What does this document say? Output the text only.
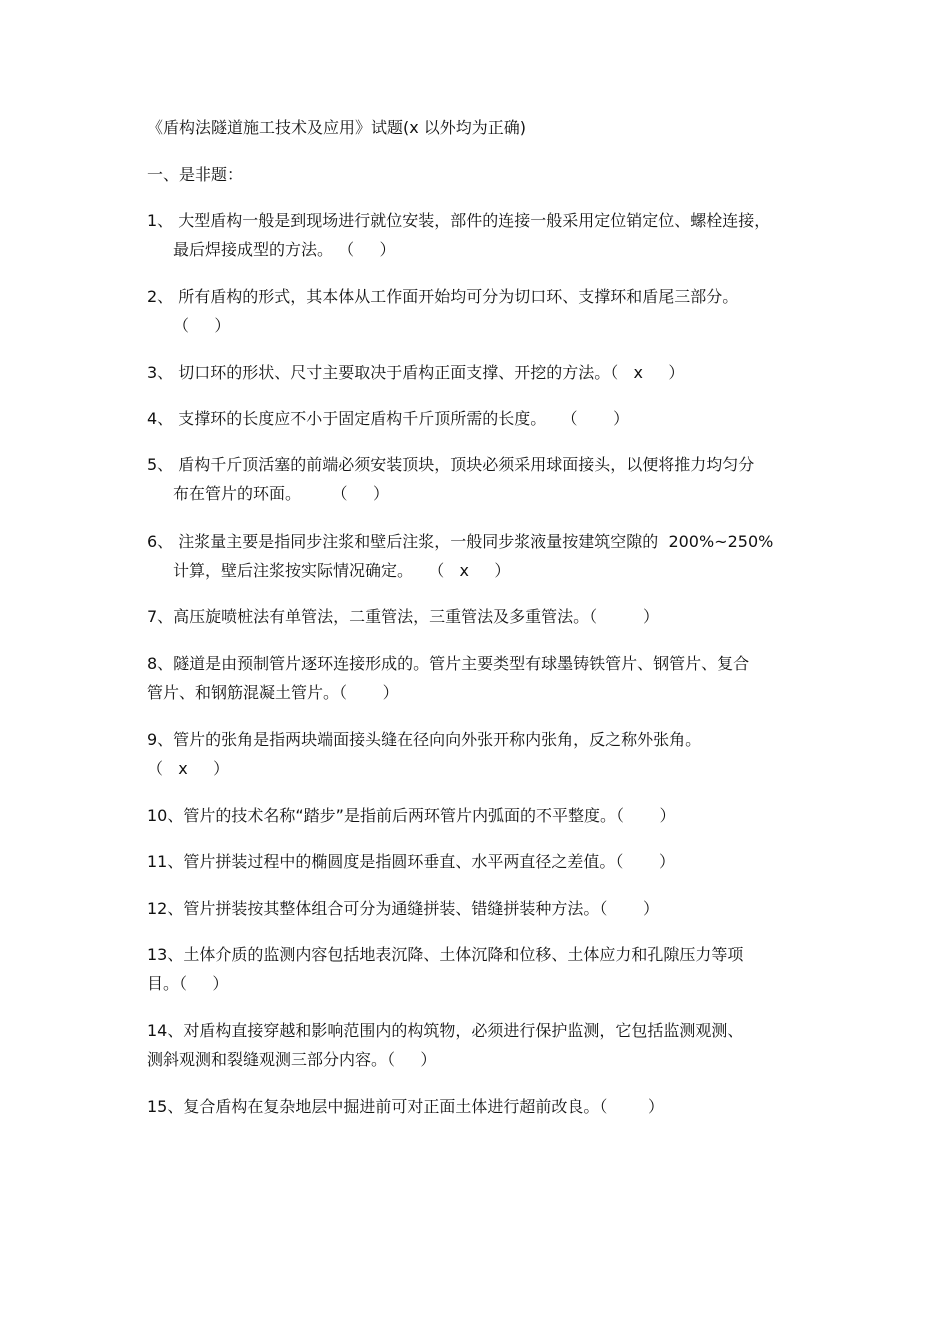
《盾构法隧道施工技术及应用》试题(x 以外均为正确)
一、是非题：
1、 大型盾构一般是到现场进行就位安装，部件的连接一般采用定位销定位、螺栓连接，
最后焊接成型的方法。 （     ）
2、 所有盾构的形式，其本体从工作面开始均可分为切口环、支撑环和盾尾三部分。
（     ）
3、 切口环的形状、尺寸主要取决于盾构正面支撑、开挖的方法。（   x     ）
4、 支撑环的长度应不小于固定盾构千斤顶所需的长度。   （       ）
5、 盾构千斤顶活塞的前端必须安装顶块，顶块必须采用球面接头，以便将推力均匀分
布在管片的环面。      （     ）
6、 注浆量主要是指同步注浆和壁后注浆，一般同步浆液量按建筑空隙的  200%~250%
计算，壁后注浆按实际情况确定。   （   x     ）
7、高压旋喷桩法有单管法，二重管法，三重管法及多重管法。（         ）
8、隧道是由预制管片逐环连接形成的。管片主要类型有球墨铸铁管片、钢管片、复合
管片、和钢筋混凝土管片。（       ）
9、管片的张角是指两块端面接头缝在径向向外张开称内张角，反之称外张角。
（   x     ）
10、管片的技术名称“踏步”是指前后两环管片内弧面的不平整度。（       ）
11、管片拼装过程中的椭圆度是指圆环垂直、水平两直径之差值。（       ）
12、管片拼装按其整体组合可分为通缝拼装、错缝拼装种方法。（       ）
13、土体介质的监测内容包括地表沉降、土体沉降和位移、土体应力和孔隙压力等项
目。（     ）
14、对盾构直接穿越和影响范围内的构筑物，必须进行保护监测，它包括监测观测、
测斜观测和裂缝观测三部分内容。（     ）
15、复合盾构在复杂地层中掘进前可对正面土体进行超前改良。（        ）
